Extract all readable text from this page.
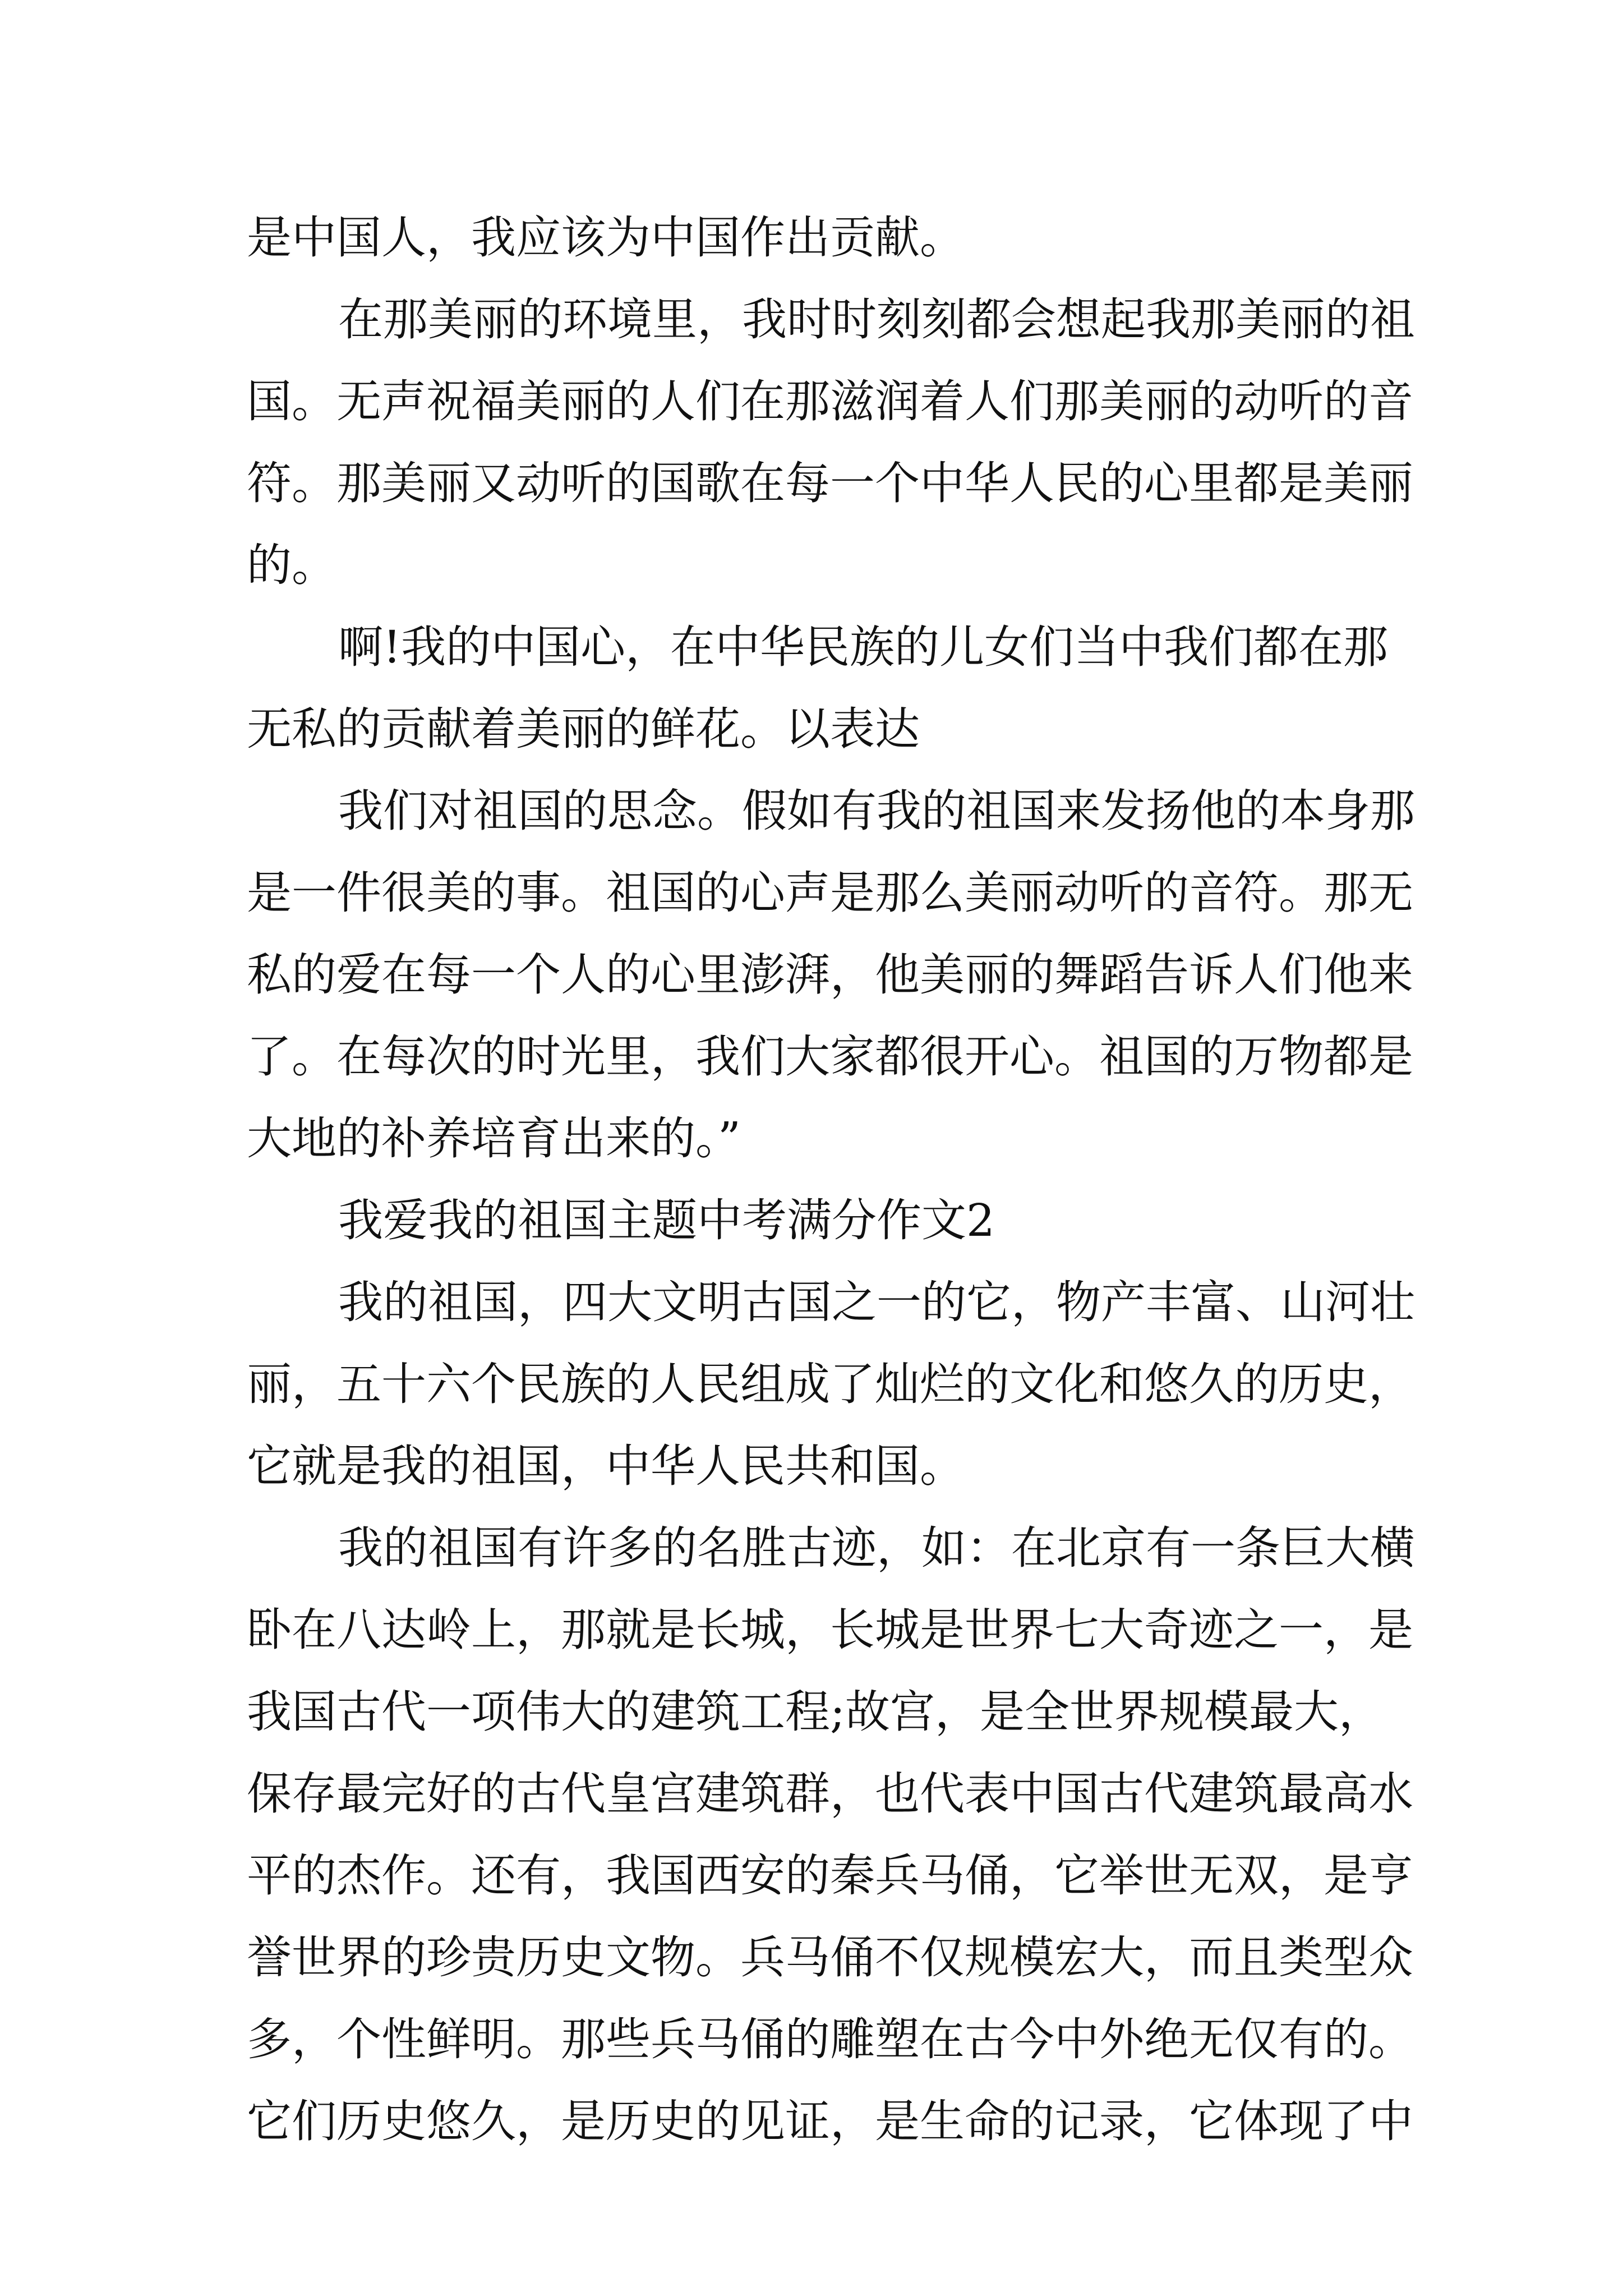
是中国人，我应该为中国作出贡献。
在那美丽的环境里，我时时刻刻都会想起我那美丽的祖
国。无声祝福美丽的人们在那滋润着人们那美丽的动听的音
符。那美丽又动听的国歌在每一个中华人民的心里都是美丽
的。
啊!我的中国心，在中华民族的儿女们当中我们都在那
无私的贡献着美丽的鲜花。以表达
我们对祖国的思念。假如有我的祖国来发扬他的本身那
是一件很美的事。祖国的心声是那么美丽动听的音符。那无
私的爱在每一个人的心里澎湃，他美丽的舞蹈告诉人们他来
了。在每次的时光里，我们大家都很开心。祖国的万物都是
大地的补养培育出来的。”
我爱我的祖国主题中考满分作文2
我的祖国，四大文明古国之一的它，物产丰富、山河壮
丽，五十六个民族的人民组成了灿烂的文化和悠久的历史，
它就是我的祖国，中华人民共和国。
我的祖国有许多的名胜古迹，如：在北京有一条巨大横
卧在八达岭上，那就是长城，长城是世界七大奇迹之一，是
我国古代一项伟大的建筑工程;故宫，是全世界规模最大，
保存最完好的古代皇宫建筑群，也代表中国古代建筑最高水
平的杰作。还有，我国西安的秦兵马俑，它举世无双，是亨
誉世界的珍贵历史文物。兵马俑不仅规模宏大，而且类型众
多，个性鲜明。那些兵马俑的雕塑在古今中外绝无仅有的。
它们历史悠久，是历史的见证，是生命的记录，它体现了中
